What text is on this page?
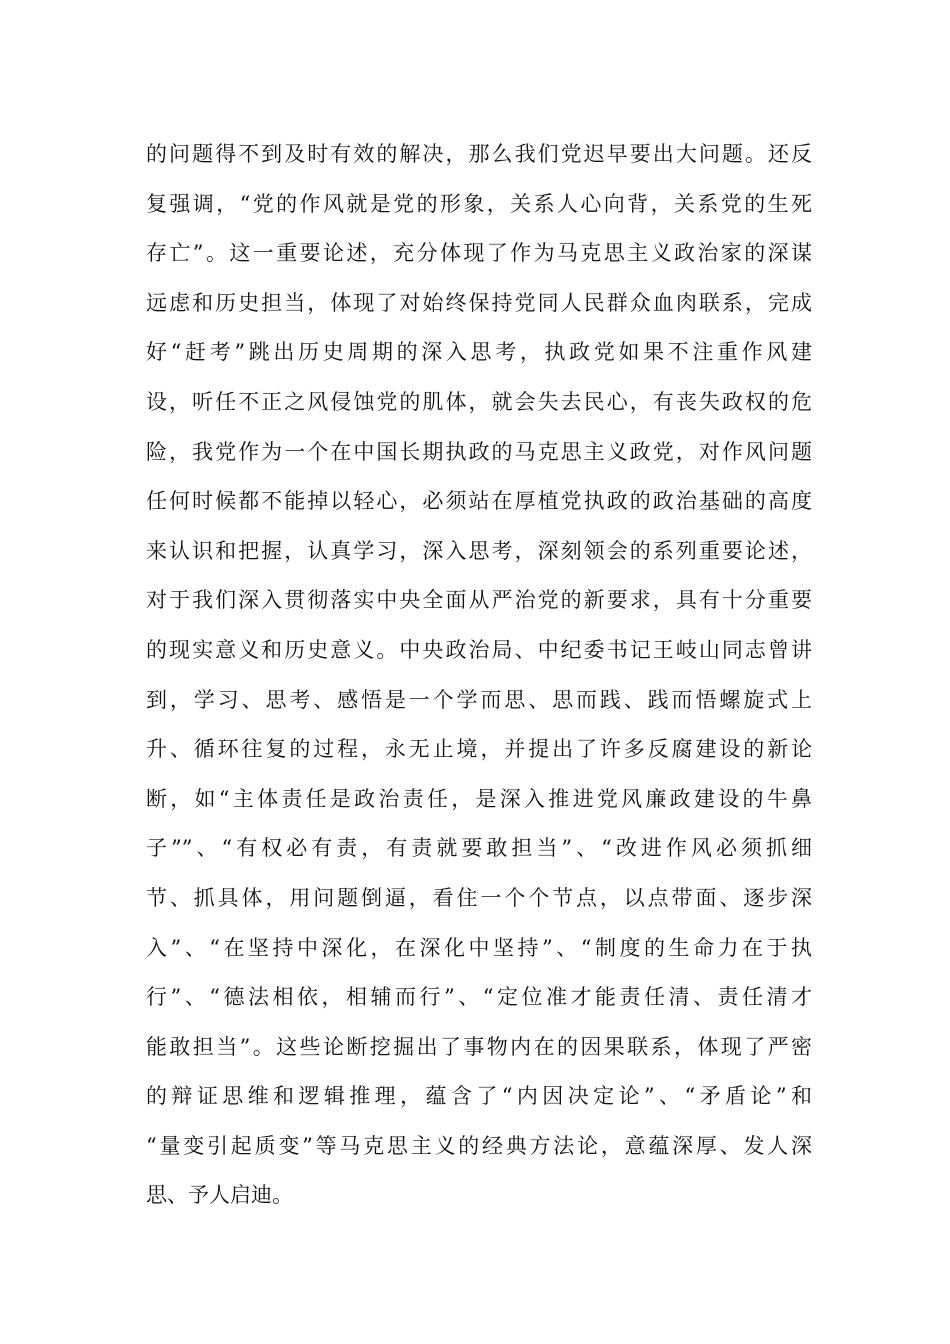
的问题得不到及时有效的解决，那么我们党迟早要出大问题。还反
复强调，“党的作风就是党的形象，关系人心向背，关系党的生死
存亡”。这一重要论述，充分体现了作为马克思主义政治家的深谋
远虑和历史担当，体现了对始终保持党同人民群众血肉联系，完成
好“赶考”跳出历史周期的深入思考，执政党如果不注重作风建
设，听任不正之风侵蚀党的肌体，就会失去民心，有丧失政权的危
险，我党作为一个在中国长期执政的马克思主义政党，对作风问题
任何时候都不能掉以轻心，必须站在厚植党执政的政治基础的高度
来认识和把握，认真学习，深入思考，深刻领会的系列重要论述，
对于我们深入贯彻落实中央全面从严治党的新要求，具有十分重要
的现实意义和历史意义。中央政治局、中纪委书记王岐山同志曾讲
到，学习、思考、感悟是一个学而思、思而践、践而悟螺旋式上
升、循环往复的过程，永无止境，并提出了许多反腐建设的新论
断，如“主体责任是政治责任，是深入推进党风廉政建设的牛鼻
子””、“有权必有责，有责就要敢担当”、“改进作风必须抓细
节、抓具体，用问题倒逼，看住一个个节点，以点带面、逐步深
入”、“在坚持中深化，在深化中坚持”、“制度的生命力在于执
行”、“德法相依，相辅而行”、“定位准才能责任清、责任清才
能敢担当”。这些论断挖掘出了事物内在的因果联系，体现了严密
的辩证思维和逻辑推理，蕴含了“内因决定论”、“矛盾论”和
“量变引起质变”等马克思主义的经典方法论，意蕴深厚、发人深
思、予人启迪。
